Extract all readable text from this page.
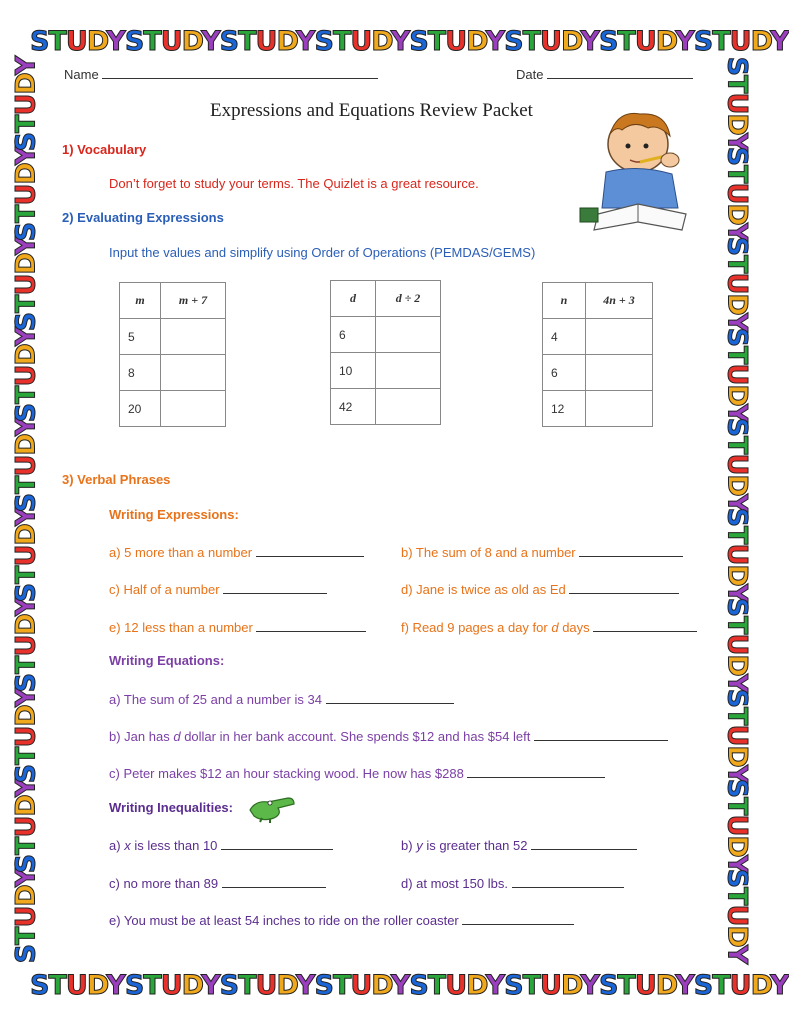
STUDY STUDY STUDY STUDY STUDY STUDY STUDY STUDY
STUDY STUDY STUDY STUDY STUDY STUDY STUDY STUDY
STUDY
STUDY
STUDY
STUDY
STUDY
STUDY
STUDY
STUDY
STUDY
STUDY	STUDY
STUDY
STUDY
STUDY
STUDY
STUDY
STUDY
STUDY
STUDY
STUDY
Name	Date
Expressions and Equations Review Packet
1) Vocabulary
Don’t forget to study your terms. The Quizlet is a great resource.
2) Evaluating Expressions
Input the values and simplify using Order of Operations (PEMDAS/GEMS)
m	m + 7
5	
8	
20	
d	d ÷ 2
6	
10	
42	
n	4n + 3
4	
6	
12	
3) Verbal Phrases
Writing Expressions:
a) 5 more than a number	b) The sum of 8 and a number
c) Half of a number	d) Jane is twice as old as Ed
e) 12 less than a number	f) Read 9 pages a day for d days
Writing Equations:
a) The sum of 25 and a number is 34
b) Jan has d dollar in her bank account. She spends $12 and has $54 left
c) Peter makes $12 an hour stacking wood. He now has $288
Writing Inequalities:
a) x is less than 10	b) y is greater than 52
c) no more than 89	d) at most 150 lbs.
e) You must be at least 54 inches to ride on the roller coaster
